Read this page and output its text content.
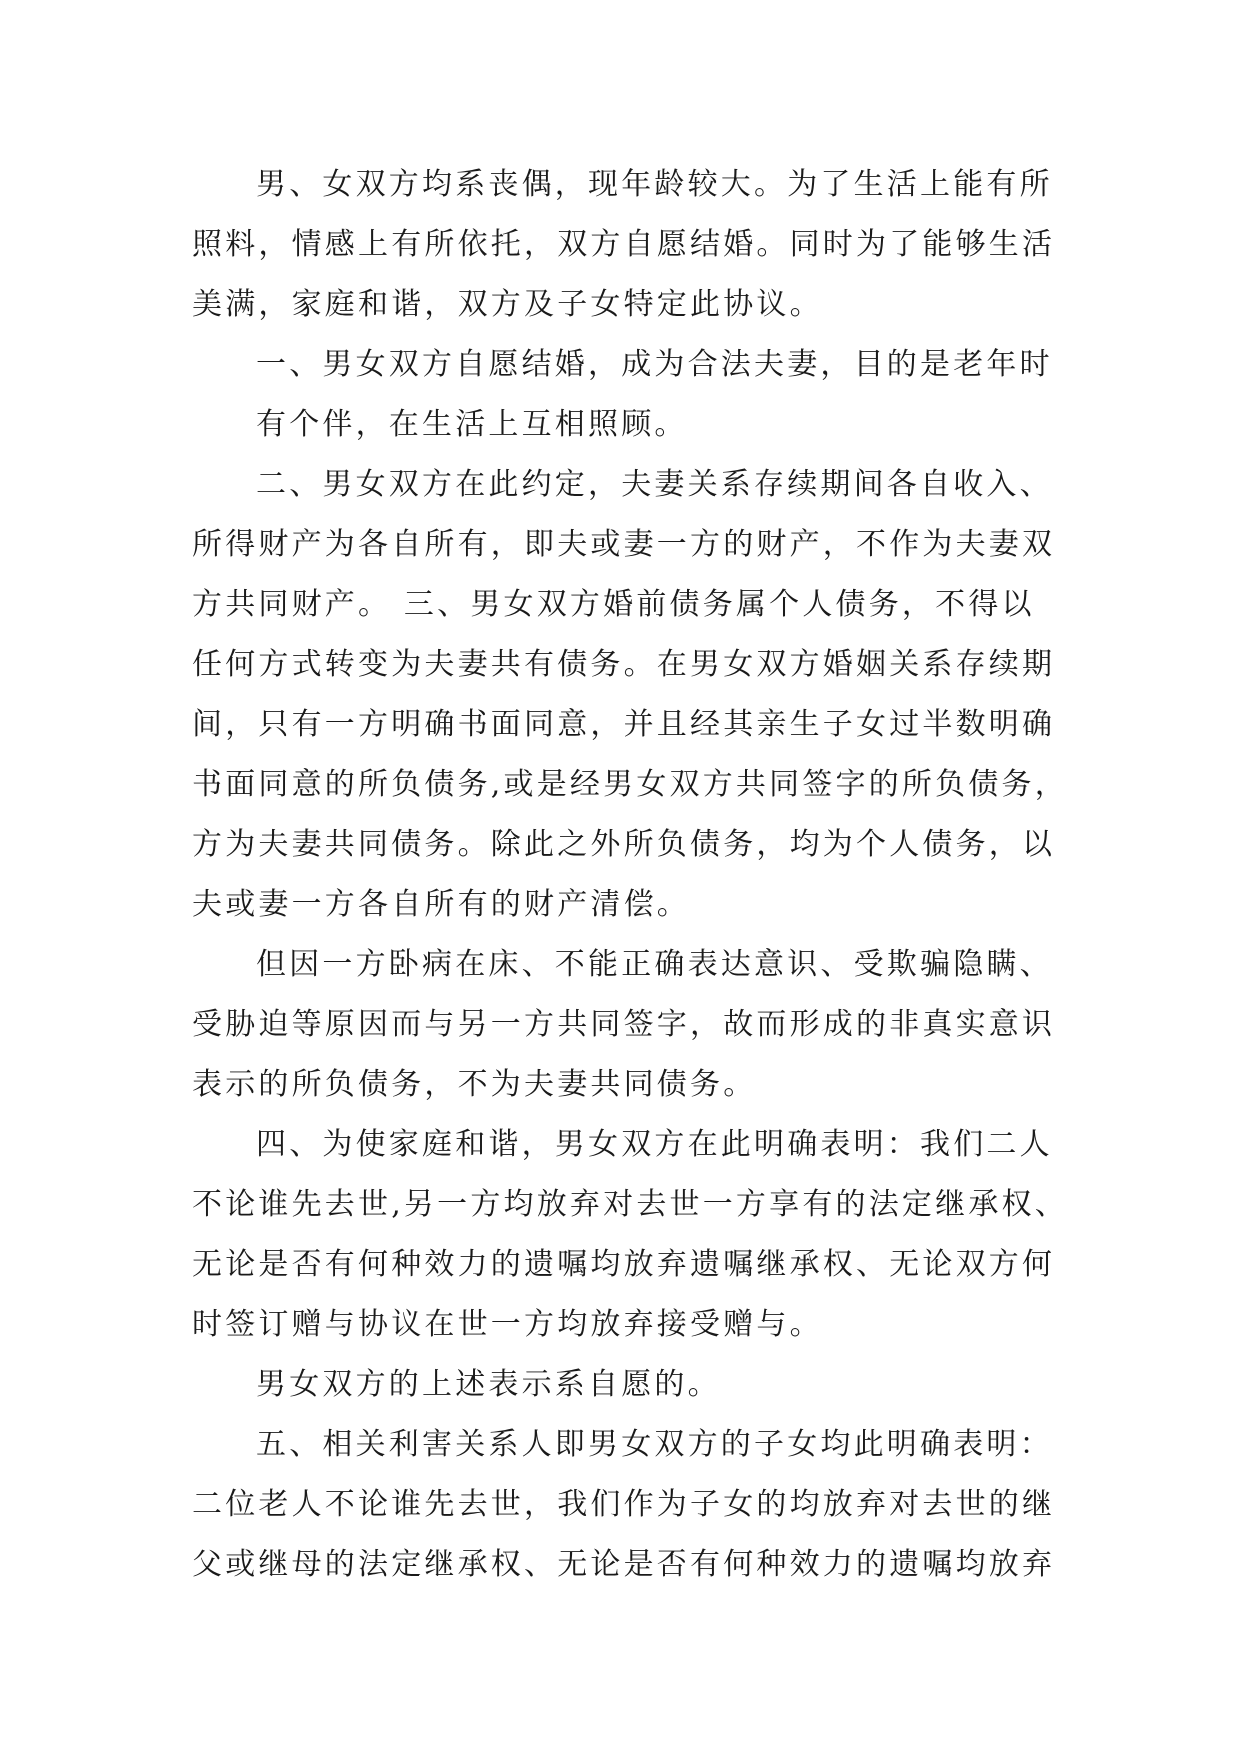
男、女双方均系丧偶，现年龄较大。为了生活上能有所

照料，情感上有所依托，双方自愿结婚。同时为了能够生活

美满，家庭和谐，双方及子女特定此协议。

一、男女双方自愿结婚，成为合法夫妻，目的是老年时

有个伴，在生活上互相照顾。

二、男女双方在此约定，夫妻关系存续期间各自收入、

所得财产为各自所有，即夫或妻一方的财产，不作为夫妻双

方共同财产。 三、男女双方婚前债务属个人债务，不得以

任何方式转变为夫妻共有债务。在男女双方婚姻关系存续期

间，只有一方明确书面同意，并且经其亲生子女过半数明确

书面同意的所负债务,或是经男女双方共同签字的所负债务，

方为夫妻共同债务。除此之外所负债务，均为个人债务，以

夫或妻一方各自所有的财产清偿。

但因一方卧病在床、不能正确表达意识、受欺骗隐瞒、

受胁迫等原因而与另一方共同签字，故而形成的非真实意识

表示的所负债务，不为夫妻共同债务。

四、为使家庭和谐，男女双方在此明确表明：我们二人

不论谁先去世,另一方均放弃对去世一方享有的法定继承权、

无论是否有何种效力的遗嘱均放弃遗嘱继承权、无论双方何

时签订赠与协议在世一方均放弃接受赠与。

男女双方的上述表示系自愿的。

五、相关利害关系人即男女双方的子女均此明确表明：

二位老人不论谁先去世，我们作为子女的均放弃对去世的继

父或继母的法定继承权、无论是否有何种效力的遗嘱均放弃
